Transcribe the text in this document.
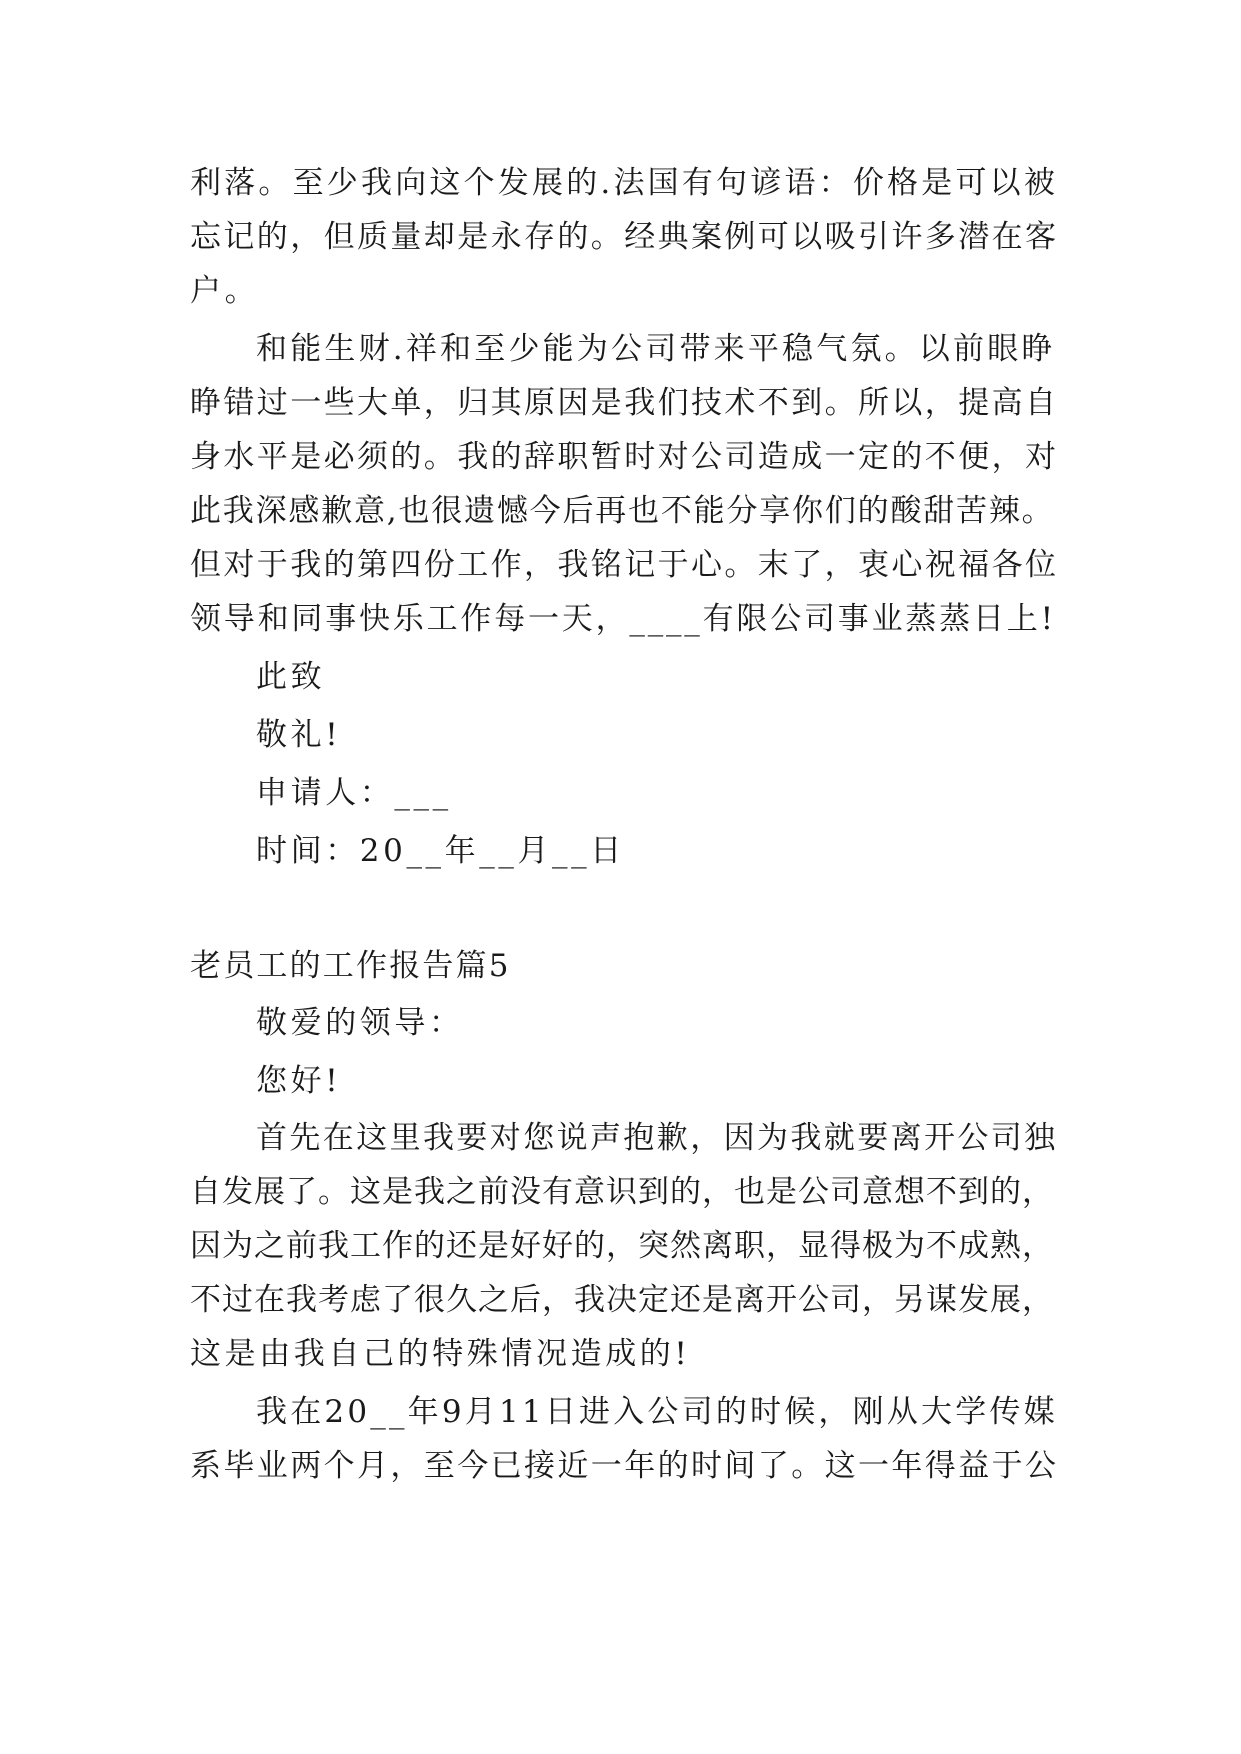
利落。至少我向这个发展的.法国有句谚语：价格是可以被
忘记的，但质量却是永存的。经典案例可以吸引许多潜在客
户。
和能生财.祥和至少能为公司带来平稳气氛。以前眼睁
睁错过一些大单，归其原因是我们技术不到。所以，提高自
身水平是必须的。我的辞职暂时对公司造成一定的不便，对
此我深感歉意,也很遗憾今后再也不能分享你们的酸甜苦辣。
但对于我的第四份工作，我铭记于心。末了，衷心祝福各位
领导和同事快乐工作每一天，____有限公司事业蒸蒸日上!
此致
敬礼!
申请人：___
时间：20__年__月__日
老员工的工作报告篇5
敬爱的领导：
您好!
首先在这里我要对您说声抱歉，因为我就要离开公司独
自发展了。这是我之前没有意识到的，也是公司意想不到的，
因为之前我工作的还是好好的，突然离职，显得极为不成熟，
不过在我考虑了很久之后，我决定还是离开公司，另谋发展，
这是由我自己的特殊情况造成的!
我在20__年9月11日进入公司的时候，刚从大学传媒
系毕业两个月，至今已接近一年的时间了。这一年得益于公
